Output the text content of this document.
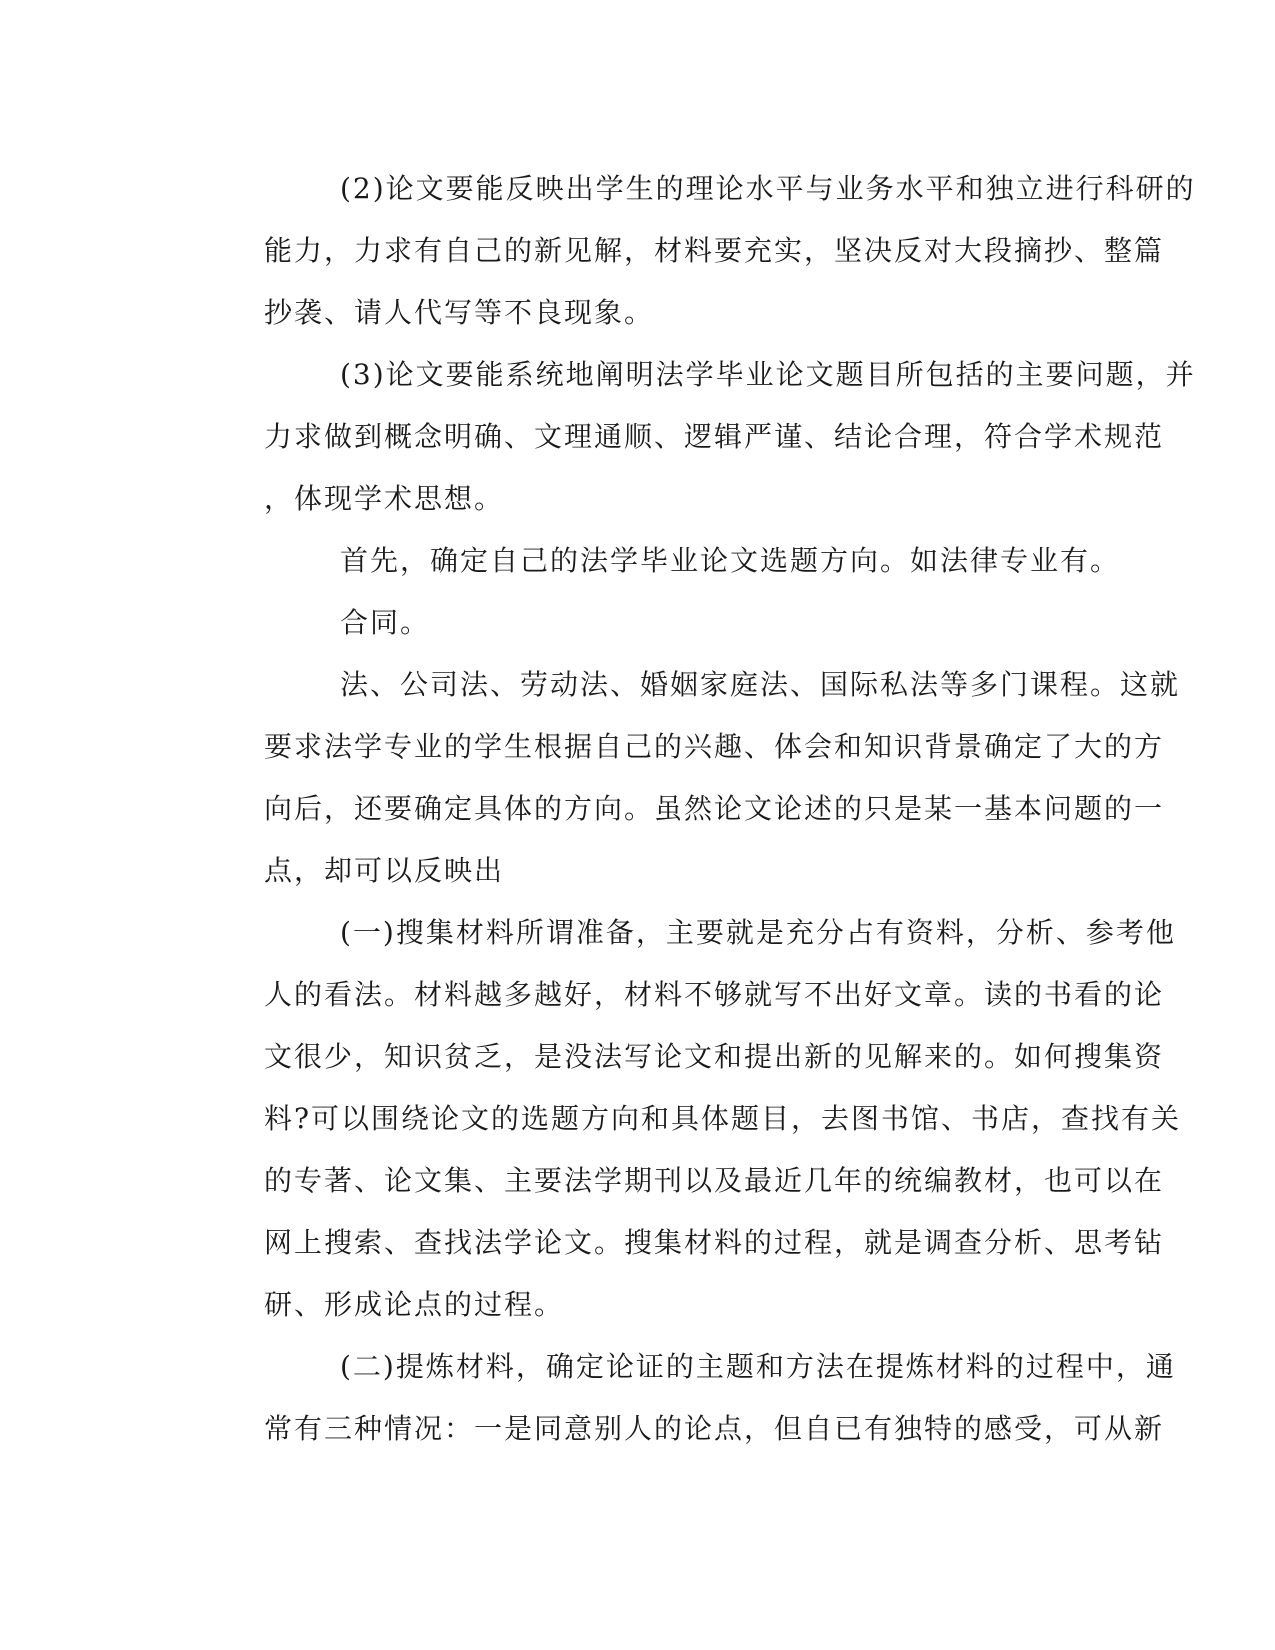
(2)论文要能反映出学生的理论水平与业务水平和独立进行科研的
能力，力求有自己的新见解，材料要充实，坚决反对大段摘抄、整篇
抄袭、请人代写等不良现象。
(3)论文要能系统地阐明法学毕业论文题目所包括的主要问题，并
力求做到概念明确、文理通顺、逻辑严谨、结论合理，符合学术规范
，体现学术思想。
首先，确定自己的法学毕业论文选题方向。如法律专业有。
合同。
法、公司法、劳动法、婚姻家庭法、国际私法等多门课程。这就
要求法学专业的学生根据自己的兴趣、体会和知识背景确定了大的方
向后，还要确定具体的方向。虽然论文论述的只是某一基本问题的一
点，却可以反映出
(一)搜集材料所谓准备，主要就是充分占有资料，分析、参考他
人的看法。材料越多越好，材料不够就写不出好文章。读的书看的论
文很少，知识贫乏，是没法写论文和提出新的见解来的。如何搜集资
料?可以围绕论文的选题方向和具体题目，去图书馆、书店，查找有关
的专著、论文集、主要法学期刊以及最近几年的统编教材，也可以在
网上搜索、查找法学论文。搜集材料的过程，就是调查分析、思考钻
研、形成论点的过程。
(二)提炼材料，确定论证的主题和方法在提炼材料的过程中，通
常有三种情况：一是同意别人的论点，但自已有独特的感受，可从新
